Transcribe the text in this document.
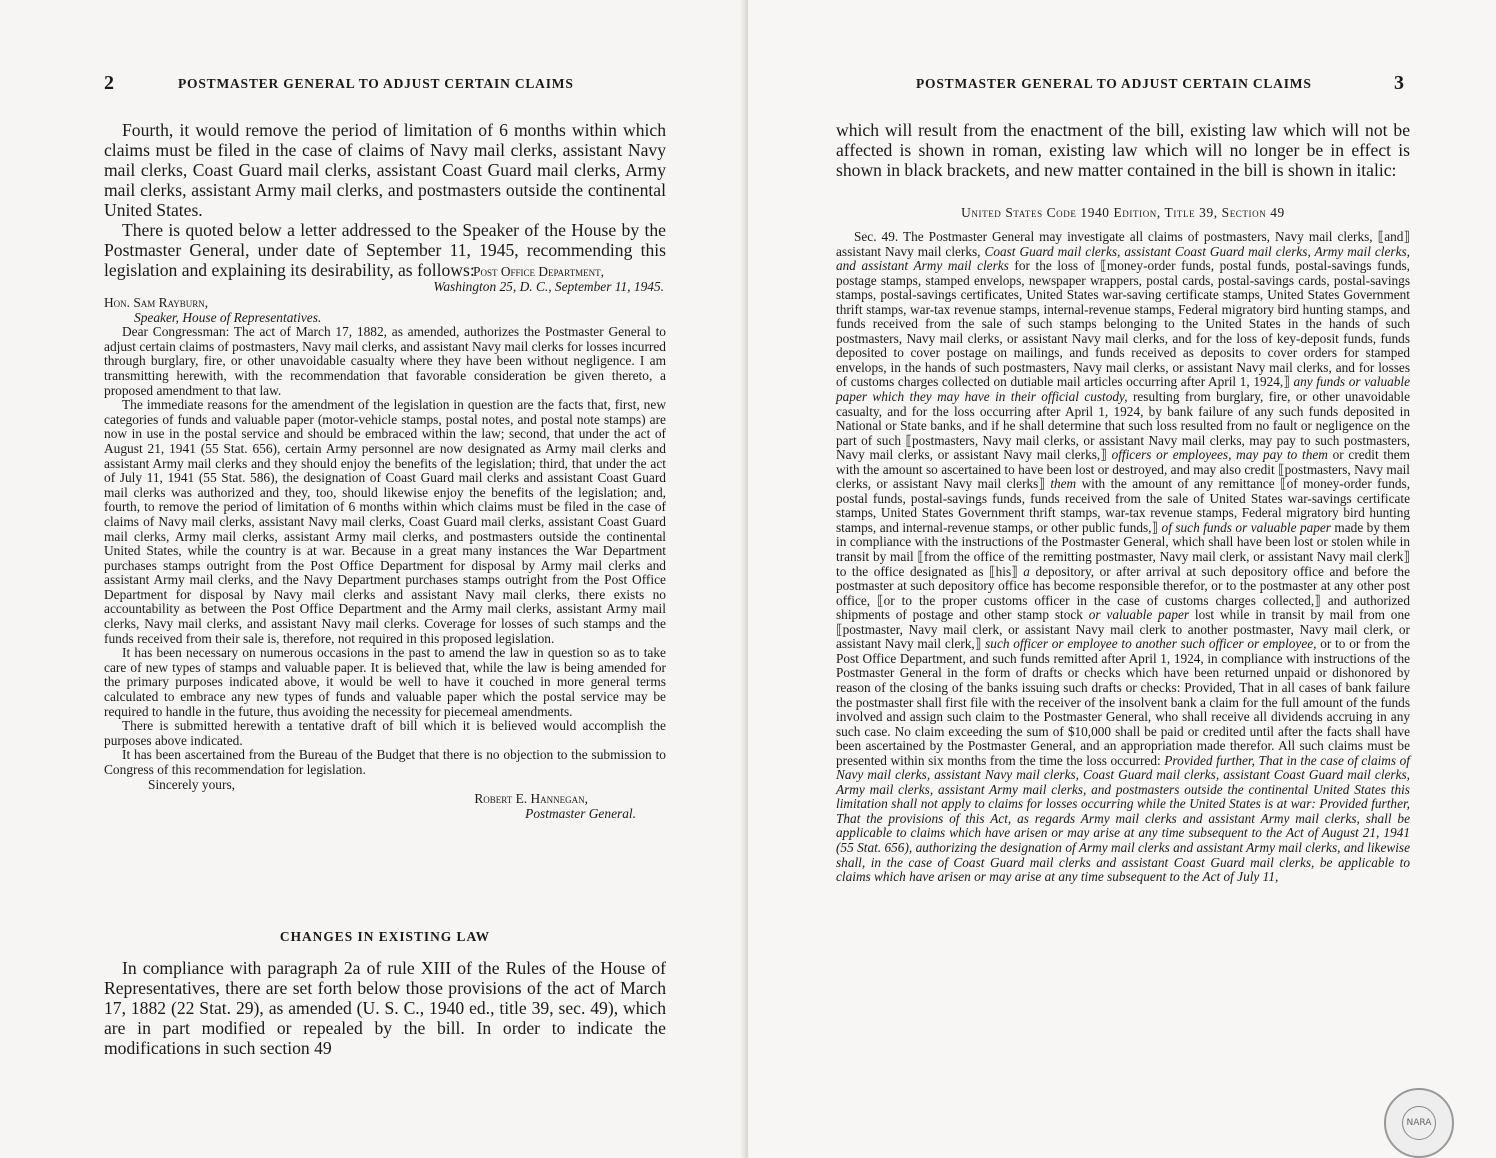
2	POSTMASTER GENERAL TO ADJUST CERTAIN CLAIMS

Fourth, it would remove the period of limitation of 6 months within which claims must be filed in the case of claims of Navy mail clerks, assistant Navy mail clerks, Coast Guard mail clerks, assistant Coast Guard mail clerks, Army mail clerks, assistant Army mail clerks, and postmasters outside the continental United States.

There is quoted below a letter addressed to the Speaker of the House by the Postmaster General, under date of September 11, 1945, recommending this legislation and explaining its desirability, as follows:

Post Office Department,
Washington 25, D. C., September 11, 1945.
Hon. Sam Rayburn,
Speaker, House of Representatives.

Dear Congressman: The act of March 17, 1882, as amended, authorizes the Postmaster General to adjust certain claims of postmasters, Navy mail clerks, and assistant Navy mail clerks for losses incurred through burglary, fire, or other unavoidable casualty where they have been without negligence. I am transmitting herewith, with the recommendation that favorable consideration be given thereto, a proposed amendment to that law.

The immediate reasons for the amendment of the legislation in question are the facts that, first, new categories of funds and valuable paper (motor-vehicle stamps, postal notes, and postal note stamps) are now in use in the postal service and should be embraced within the law; second, that under the act of August 21, 1941 (55 Stat. 656), certain Army personnel are now designated as Army mail clerks and assistant Army mail clerks and they should enjoy the benefits of the legislation; third, that under the act of July 11, 1941 (55 Stat. 586), the designation of Coast Guard mail clerks and assistant Coast Guard mail clerks was authorized and they, too, should likewise enjoy the benefits of the legislation; and, fourth, to remove the period of limitation of 6 months within which claims must be filed in the case of claims of Navy mail clerks, assistant Navy mail clerks, Coast Guard mail clerks, assistant Coast Guard mail clerks, Army mail clerks, assistant Army mail clerks, and postmasters outside the continental United States, while the country is at war. Because in a great many instances the War Department purchases stamps outright from the Post Office Department for disposal by Army mail clerks and assistant Army mail clerks, and the Navy Department purchases stamps outright from the Post Office Department for disposal by Navy mail clerks and assistant Navy mail clerks, there exists no accountability as between the Post Office Department and the Army mail clerks, assistant Army mail clerks, Navy mail clerks, and assistant Navy mail clerks. Coverage for losses of such stamps and the funds received from their sale is, therefore, not required in this proposed legislation.

It has been necessary on numerous occasions in the past to amend the law in question so as to take care of new types of stamps and valuable paper. It is believed that, while the law is being amended for the primary purposes indicated above, it would be well to have it couched in more general terms calculated to embrace any new types of funds and valuable paper which the postal service may be required to handle in the future, thus avoiding the necessity for piecemeal amendments.

There is submitted herewith a tentative draft of bill which it is believed would accomplish the purposes above indicated.

It has been ascertained from the Bureau of the Budget that there is no objection to the submission to Congress of this recommendation for legislation.

Sincerely yours,
Robert E. Hannegan,
Postmaster General.
CHANGES IN EXISTING LAW

In compliance with paragraph 2a of rule XIII of the Rules of the House of Representatives, there are set forth below those provisions of the act of March 17, 1882 (22 Stat. 29), as amended (U. S. C., 1940 ed., title 39, sec. 49), which are in part modified or repealed by the bill. In order to indicate the modifications in such section 49

POSTMASTER GENERAL TO ADJUST CERTAIN CLAIMS	3
which will result from the enactment of the bill, existing law which will not be affected is shown in roman, existing law which will no longer be in effect is shown in black brackets, and new matter contained in the bill is shown in italic:
United States Code 1940 Edition, Title 39, Section 49

Sec. 49. The Postmaster General may investigate all claims of postmasters, Navy mail clerks, ⟦and⟧ assistant Navy mail clerks, Coast Guard mail clerks, assistant Coast Guard mail clerks, Army mail clerks, and assistant Army mail clerks for the loss of ⟦money-order funds, postal funds, postal-savings funds, postage stamps, stamped envelops, newspaper wrappers, postal cards, postal-savings cards, postal-savings stamps, postal-savings certificates, United States war-saving certificate stamps, United States Government thrift stamps, war-tax revenue stamps, internal-revenue stamps, Federal migratory bird hunting stamps, and funds received from the sale of such stamps belonging to the United States in the hands of such postmasters, Navy mail clerks, or assistant Navy mail clerks, and for the loss of key-deposit funds, funds deposited to cover postage on mailings, and funds received as deposits to cover orders for stamped envelops, in the hands of such postmasters, Navy mail clerks, or assistant Navy mail clerks, and for losses of customs charges collected on dutiable mail articles occurring after April 1, 1924,⟧ any funds or valuable paper which they may have in their official custody, resulting from burglary, fire, or other unavoidable casualty, and for the loss occurring after April 1, 1924, by bank failure of any such funds deposited in National or State banks, and if he shall determine that such loss resulted from no fault or negligence on the part of such ⟦postmasters, Navy mail clerks, or assistant Navy mail clerks, may pay to such postmasters, Navy mail clerks, or assistant Navy mail clerks,⟧ officers or employees, may pay to them or credit them with the amount so ascertained to have been lost or destroyed, and may also credit ⟦postmasters, Navy mail clerks, or assistant Navy mail clerks⟧ them with the amount of any remittance ⟦of money-order funds, postal funds, postal-savings funds, funds received from the sale of United States war-savings certificate stamps, United States Government thrift stamps, war-tax revenue stamps, Federal migratory bird hunting stamps, and internal-revenue stamps, or other public funds,⟧ of such funds or valuable paper made by them in compliance with the instructions of the Postmaster General, which shall have been lost or stolen while in transit by mail ⟦from the office of the remitting postmaster, Navy mail clerk, or assistant Navy mail clerk⟧ to the office designated as ⟦his⟧ a depository, or after arrival at such depository office and before the postmaster at such depository office has become responsible therefor, or to the postmaster at any other post office, ⟦or to the proper customs officer in the case of customs charges collected,⟧ and authorized shipments of postage and other stamp stock or valuable paper lost while in transit by mail from one ⟦postmaster, Navy mail clerk, or assistant Navy mail clerk to another postmaster, Navy mail clerk, or assistant Navy mail clerk,⟧ such officer or employee to another such officer or employee, or to or from the Post Office Department, and such funds remitted after April 1, 1924, in compliance with instructions of the Postmaster General in the form of drafts or checks which have been returned unpaid or dishonored by reason of the closing of the banks issuing such drafts or checks: Provided, That in all cases of bank failure the postmaster shall first file with the receiver of the insolvent bank a claim for the full amount of the funds involved and assign such claim to the Postmaster General, who shall receive all dividends accruing in any such case. No claim exceeding the sum of $10,000 shall be paid or credited until after the facts shall have been ascertained by the Postmaster General, and an appropriation made therefor. All such claims must be presented within six months from the time the loss occurred: Provided further, That in the case of claims of Navy mail clerks, assistant Navy mail clerks, Coast Guard mail clerks, assistant Coast Guard mail clerks, Army mail clerks, assistant Army mail clerks, and postmasters outside the continental United States this limitation shall not apply to claims for losses occurring while the United States is at war: Provided further, That the provisions of this Act, as regards Army mail clerks and assistant Army mail clerks, shall be applicable to claims which have arisen or may arise at any time subsequent to the Act of August 21, 1941 (55 Stat. 656), authorizing the designation of Army mail clerks and assistant Army mail clerks, and likewise shall, in the case of Coast Guard mail clerks and assistant Coast Guard mail clerks, be applicable to claims which have arisen or may arise at any time subsequent to the Act of July 11,

NARA
